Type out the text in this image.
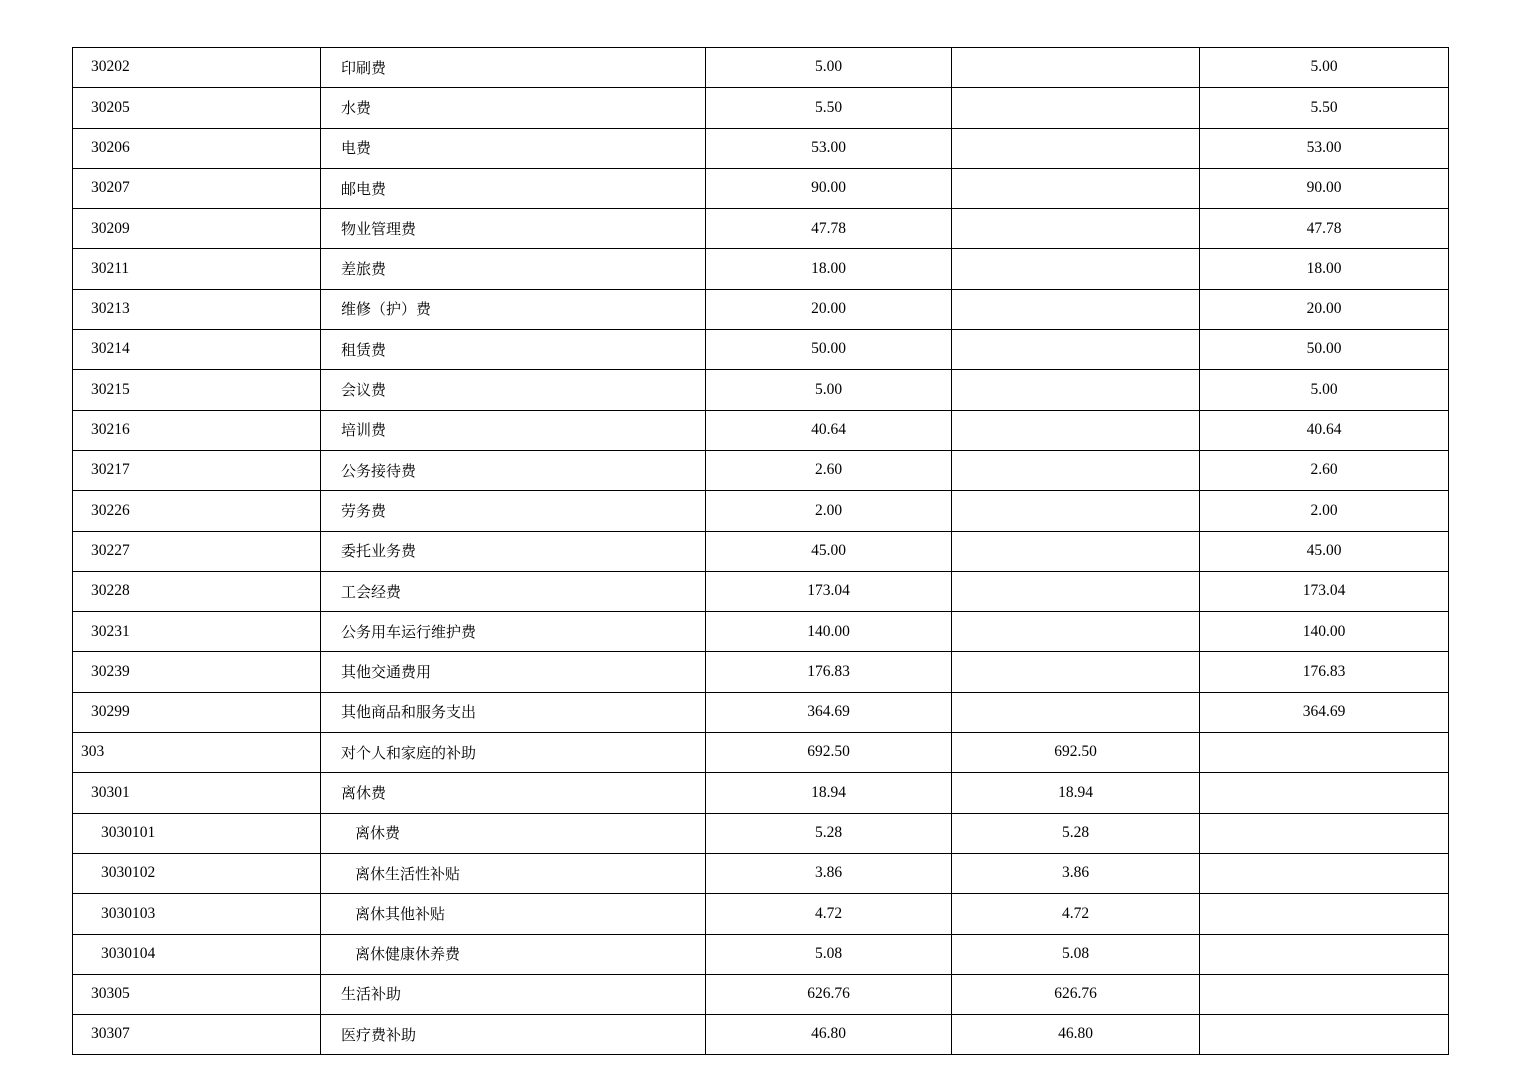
30202	印刷费	5.00		5.00
30205	水费	5.50		5.50
30206	电费	53.00		53.00
30207	邮电费	90.00		90.00
30209	物业管理费	47.78		47.78
30211	差旅费	18.00		18.00
30213	维修（护）费	20.00		20.00
30214	租赁费	50.00		50.00
30215	会议费	5.00		5.00
30216	培训费	40.64		40.64
30217	公务接待费	2.60		2.60
30226	劳务费	2.00		2.00
30227	委托业务费	45.00		45.00
30228	工会经费	173.04		173.04
30231	公务用车运行维护费	140.00		140.00
30239	其他交通费用	176.83		176.83
30299	其他商品和服务支出	364.69		364.69
303	对个人和家庭的补助	692.50	692.50	
30301	离休费	18.94	18.94	
3030101	离休费	5.28	5.28	
3030102	离休生活性补贴	3.86	3.86	
3030103	离休其他补贴	4.72	4.72	
3030104	离休健康休养费	5.08	5.08	
30305	生活补助	626.76	626.76	
30307	医疗费补助	46.80	46.80	
